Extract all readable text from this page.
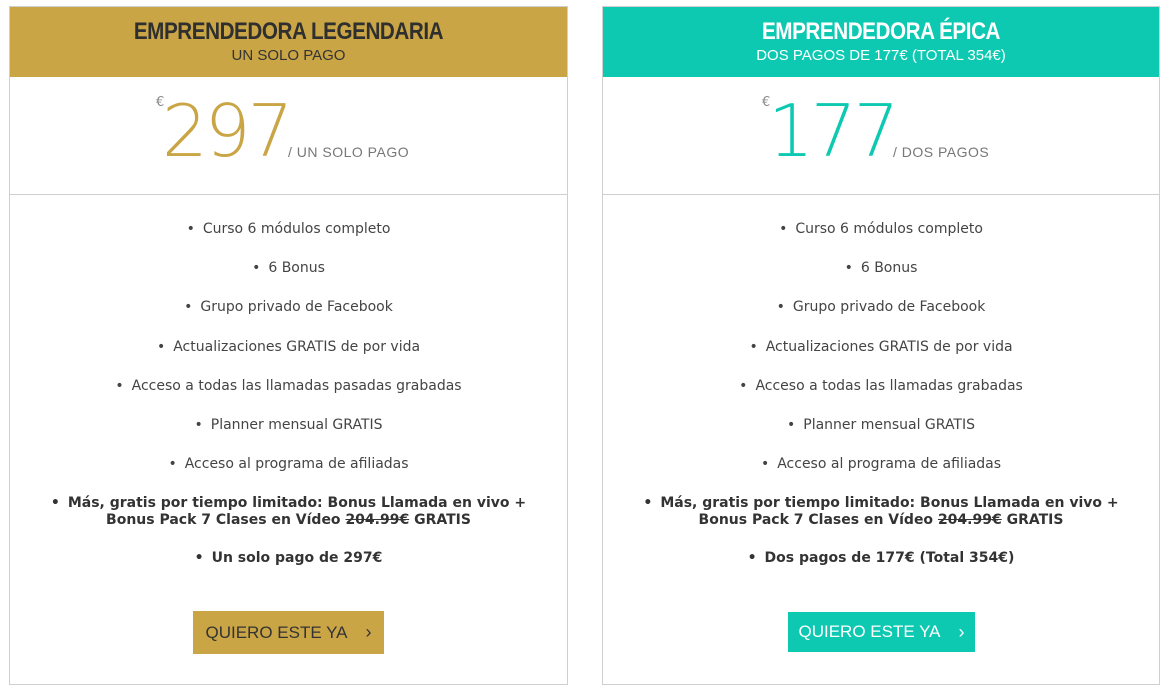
EMPRENDEDORA LEGENDARIA
UN SOLO PAGO
€
297
/ UN SOLO PAGO
• Curso 6 módulos completo
• 6 Bonus
• Grupo privado de Facebook
• Actualizaciones GRATIS de por vida
• Acceso a todas las llamadas pasadas grabadas
• Planner mensual GRATIS
• Acceso al programa de afiliadas
• Más, gratis por tiempo limitado: Bonus Llamada en vivo + Bonus Pack 7 Clases en Vídeo 204.99€ GRATIS
• Un solo pago de 297€
QUIERO ESTE YA ›
EMPRENDEDORA ÉPICA
DOS PAGOS DE 177€ (TOTAL 354€)
€
177
/ DOS PAGOS
• Curso 6 módulos completo
• 6 Bonus
• Grupo privado de Facebook
• Actualizaciones GRATIS de por vida
• Acceso a todas las llamadas grabadas
• Planner mensual GRATIS
• Acceso al programa de afiliadas
• Más, gratis por tiempo limitado: Bonus Llamada en vivo + Bonus Pack 7 Clases en Vídeo 204.99€ GRATIS
• Dos pagos de 177€ (Total 354€)
QUIERO ESTE YA ›
